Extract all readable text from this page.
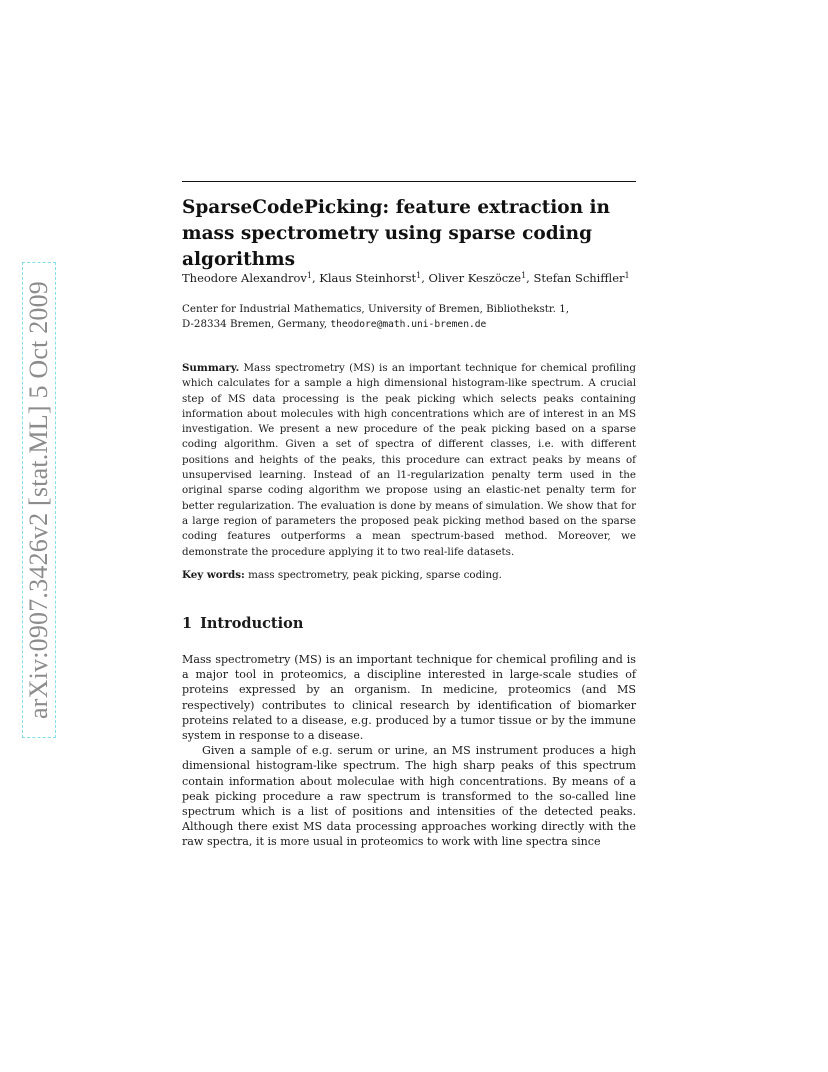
arXiv:0907.3426v2 [stat.ML] 5 Oct 2009
SparseCodePicking: feature extraction in mass spectrometry using sparse coding algorithms
Theodore Alexandrov$^1$, Klaus Steinhorst$^1$, Oliver Keszöcze$^1$, Stefan Schiffler$^1$
Center for Industrial Mathematics, University of Bremen, Bibliothekstr. 1,
D-28334 Bremen, Germany, theodore@math.uni-bremen.de
Summary. Mass spectrometry (MS) is an important technique for chemical profiling which calculates for a sample a high dimensional histogram-like spectrum. A crucial step of MS data processing is the peak picking which selects peaks containing information about molecules with high concentrations which are of interest in an MS investigation. We present a new procedure of the peak picking based on a sparse coding algorithm. Given a set of spectra of different classes, i.e. with different positions and heights of the peaks, this procedure can extract peaks by means of unsupervised learning. Instead of an l1-regularization penalty term used in the original sparse coding algorithm we propose using an elastic-net penalty term for better regularization. The evaluation is done by means of simulation. We show that for a large region of parameters the proposed peak picking method based on the sparse coding features outperforms a mean spectrum-based method. Moreover, we demonstrate the procedure applying it to two real-life datasets.
Key words: mass spectrometry, peak picking, sparse coding.
1 Introduction

Mass spectrometry (MS) is an important technique for chemical profiling and is a major tool in proteomics, a discipline interested in large-scale studies of proteins expressed by an organism. In medicine, proteomics (and MS respectively) contributes to clinical research by identification of biomarker proteins related to a disease, e.g. produced by a tumor tissue or by the immune system in response to a disease.

Given a sample of e.g. serum or urine, an MS instrument produces a high dimensional histogram-like spectrum. The high sharp peaks of this spectrum contain information about moleculae with high concentrations. By means of a peak picking procedure a raw spectrum is transformed to the so-called line spectrum which is a list of positions and intensities of the detected peaks. Although there exist MS data processing approaches working directly with the raw spectra, it is more usual in proteomics to work with line spectra since
